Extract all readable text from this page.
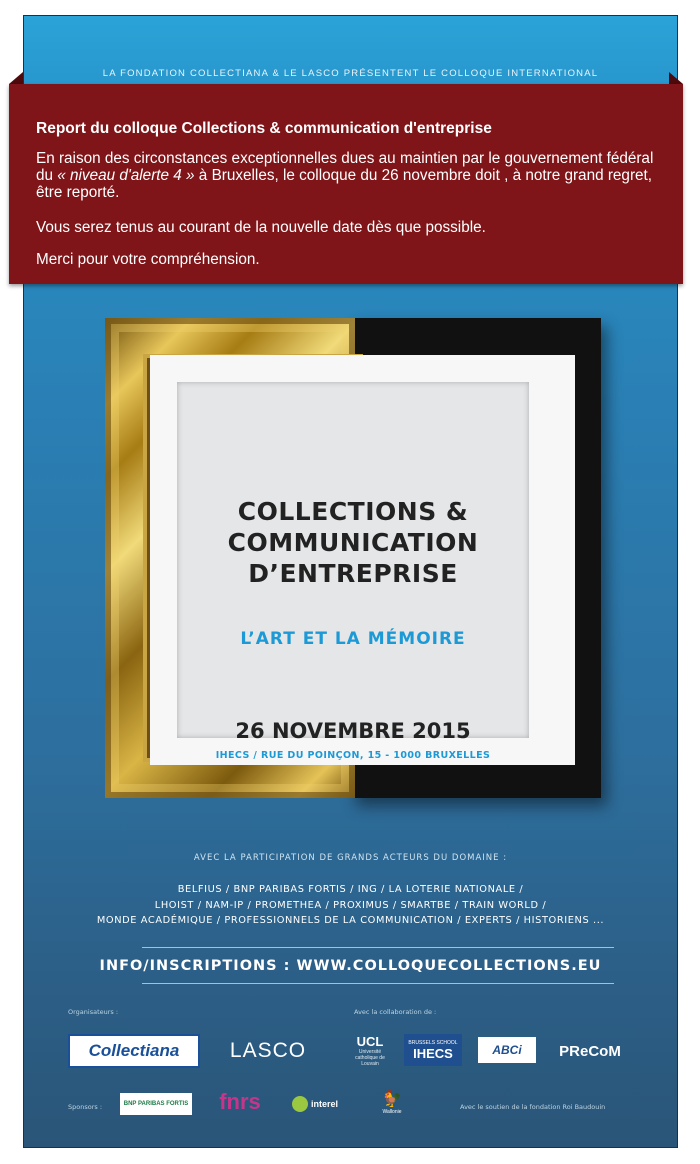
LA FONDATION COLLECTIANA & LE LASCO PRÉSENTENT LE COLLOQUE INTERNATIONAL
COLLECTIONS &
COMMUNICATION
D’ENTREPRISE
L’ART ET LA MÉMOIRE
26 NOVEMBRE 2015
IHECS / RUE DU POINÇON, 15 - 1000 BRUXELLES
AVEC LA PARTICIPATION DE GRANDS ACTEURS DU DOMAINE :
BELFIUS / BNP PARIBAS FORTIS / ING / LA LOTERIE NATIONALE /
LHOIST / NAM-IP / PROMETHEA / PROXIMUS / SMARTBE / TRAIN WORLD /
MONDE ACADÉMIQUE / PROFESSIONNELS DE LA COMMUNICATION / EXPERTS / HISTORIENS ...
INFO/INSCRIPTIONS : WWW.COLLOQUECOLLECTIONS.EU
Organisateurs :	Avec la collaboration de :
Collectiana	LASCO	UCL
Université catholique de Louvain
BRUSSELS SCHOOL
IHECS	ABCi	PReCoM
Sponsors :	BNP PARIBAS FORTIS fnrs	interel	🐓
Wallonie
Avec le soutien de la fondation Roi Baudouin
Report du colloque Collections & communication d'entreprise

En raison des circonstances exceptionnelles dues au maintien par le gouvernement fédéral du « niveau d'alerte 4 » à Bruxelles, le colloque du 26 novembre doit , à notre grand regret, être reporté.

Vous serez tenus au courant de la nouvelle date dès que possible.

Merci pour votre compréhension.
